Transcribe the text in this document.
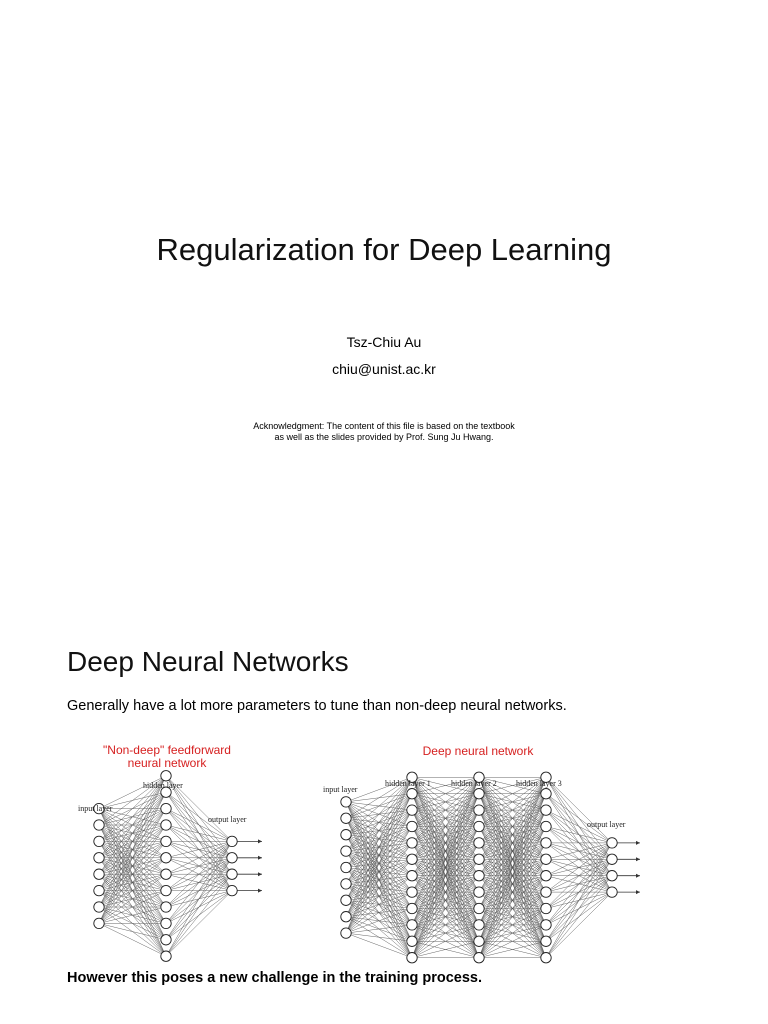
Regularization for Deep Learning
Tsz-Chiu Au
chiu@unist.ac.kr
Acknowledgment: The content of this file is based on the textbook
as well as the slides provided by Prof. Sung Ju Hwang.
Deep Neural Networks
Generally have a lot more parameters to tune than non-deep neural networks.
"Non-deep" feedforward
neural network
input layer
hidden layer
output layer
Deep neural network
input layer
hidden layer 1	hidden layer 2 hidden layer 3
output layer
However this poses a new challenge in the training process.
